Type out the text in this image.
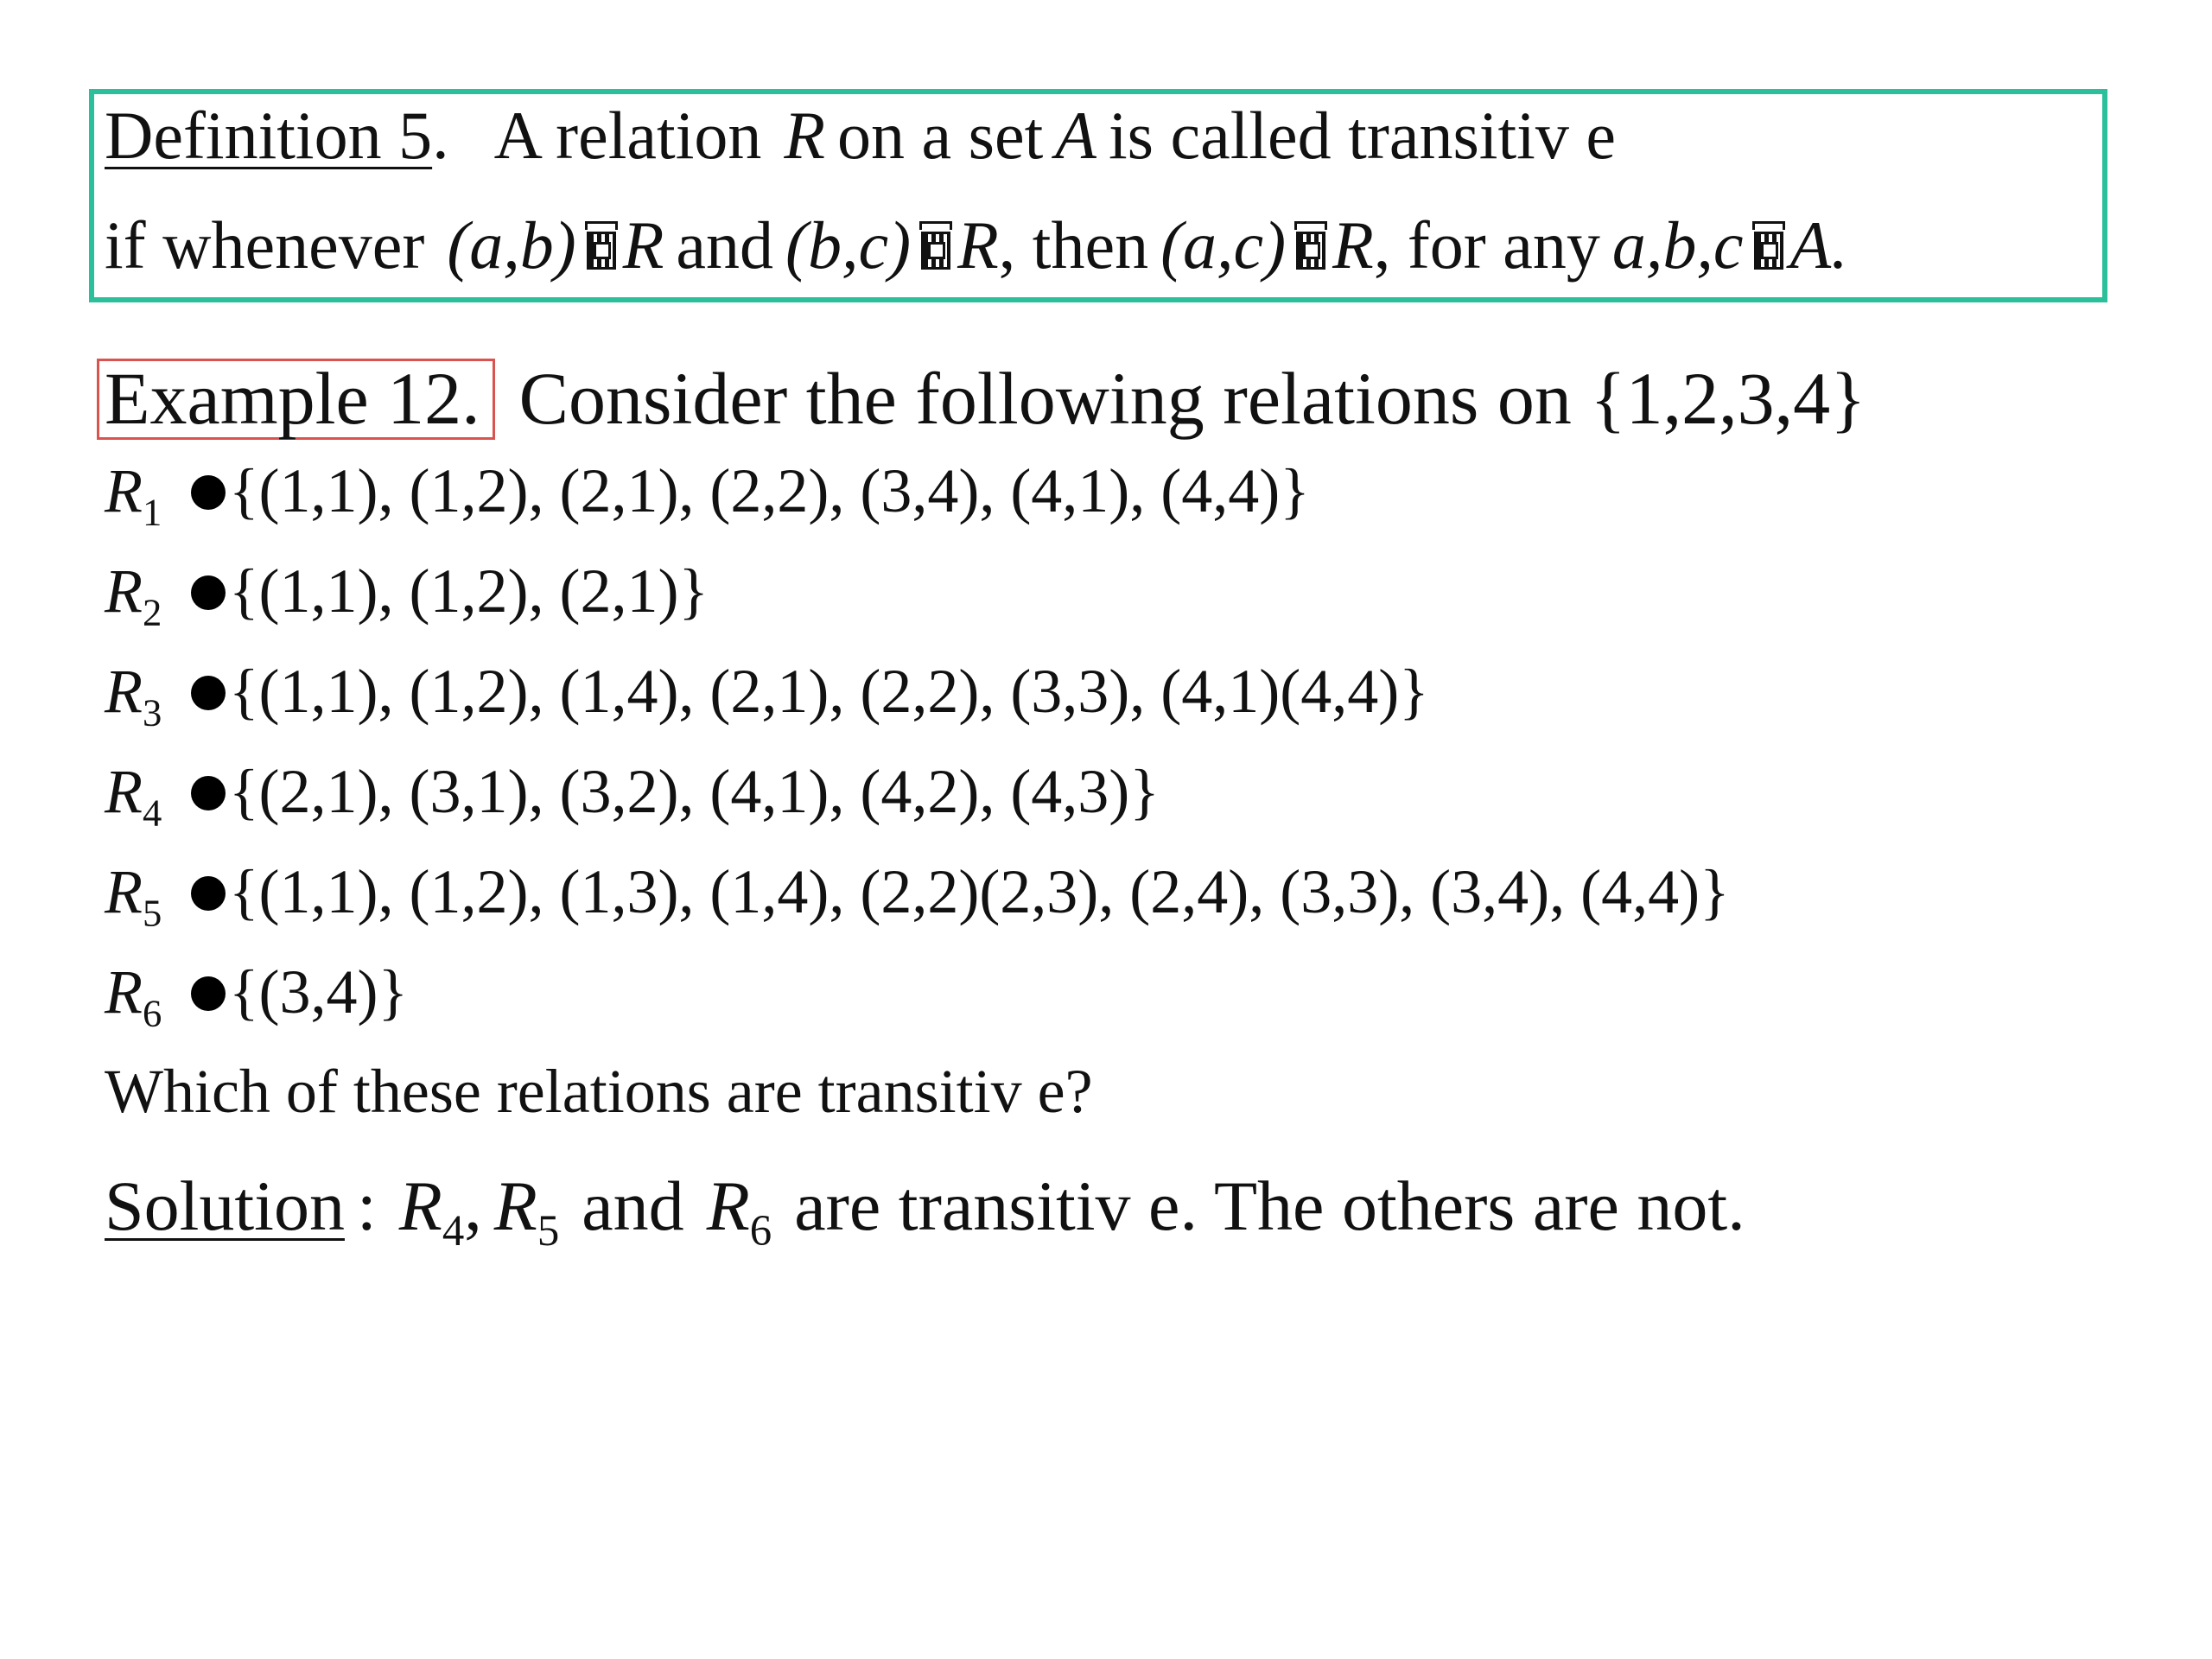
Definition 5. A relation R on a set A is called transitiv e
if whenever (a,b) R and (b,c) R, then (a,c) R, for any a,b,c A.
Example 12. Consider the following relations on {1,2,3,4}
$R_1$ {(1,1), (1,2), (2,1), (2,2), (3,4), (4,1), (4,4)}
$R_2$ {(1,1), (1,2), (2,1)}
$R_3$ {(1,1), (1,2), (1,4), (2,1), (2,2), (3,3), (4,1)(4,4)}
$R_4$ {(2,1), (3,1), (3,2), (4,1), (4,2), (4,3)}
$R_5$ {(1,1), (1,2), (1,3), (1,4), (2,2)(2,3), (2,4), (3,3), (3,4), (4,4)}
$R_6$ {(3,4)}
Which of these relations are transitiv e?
Solution : $R_4$, $R_5$ and $R_6$ are transitiv e. The others are not.
